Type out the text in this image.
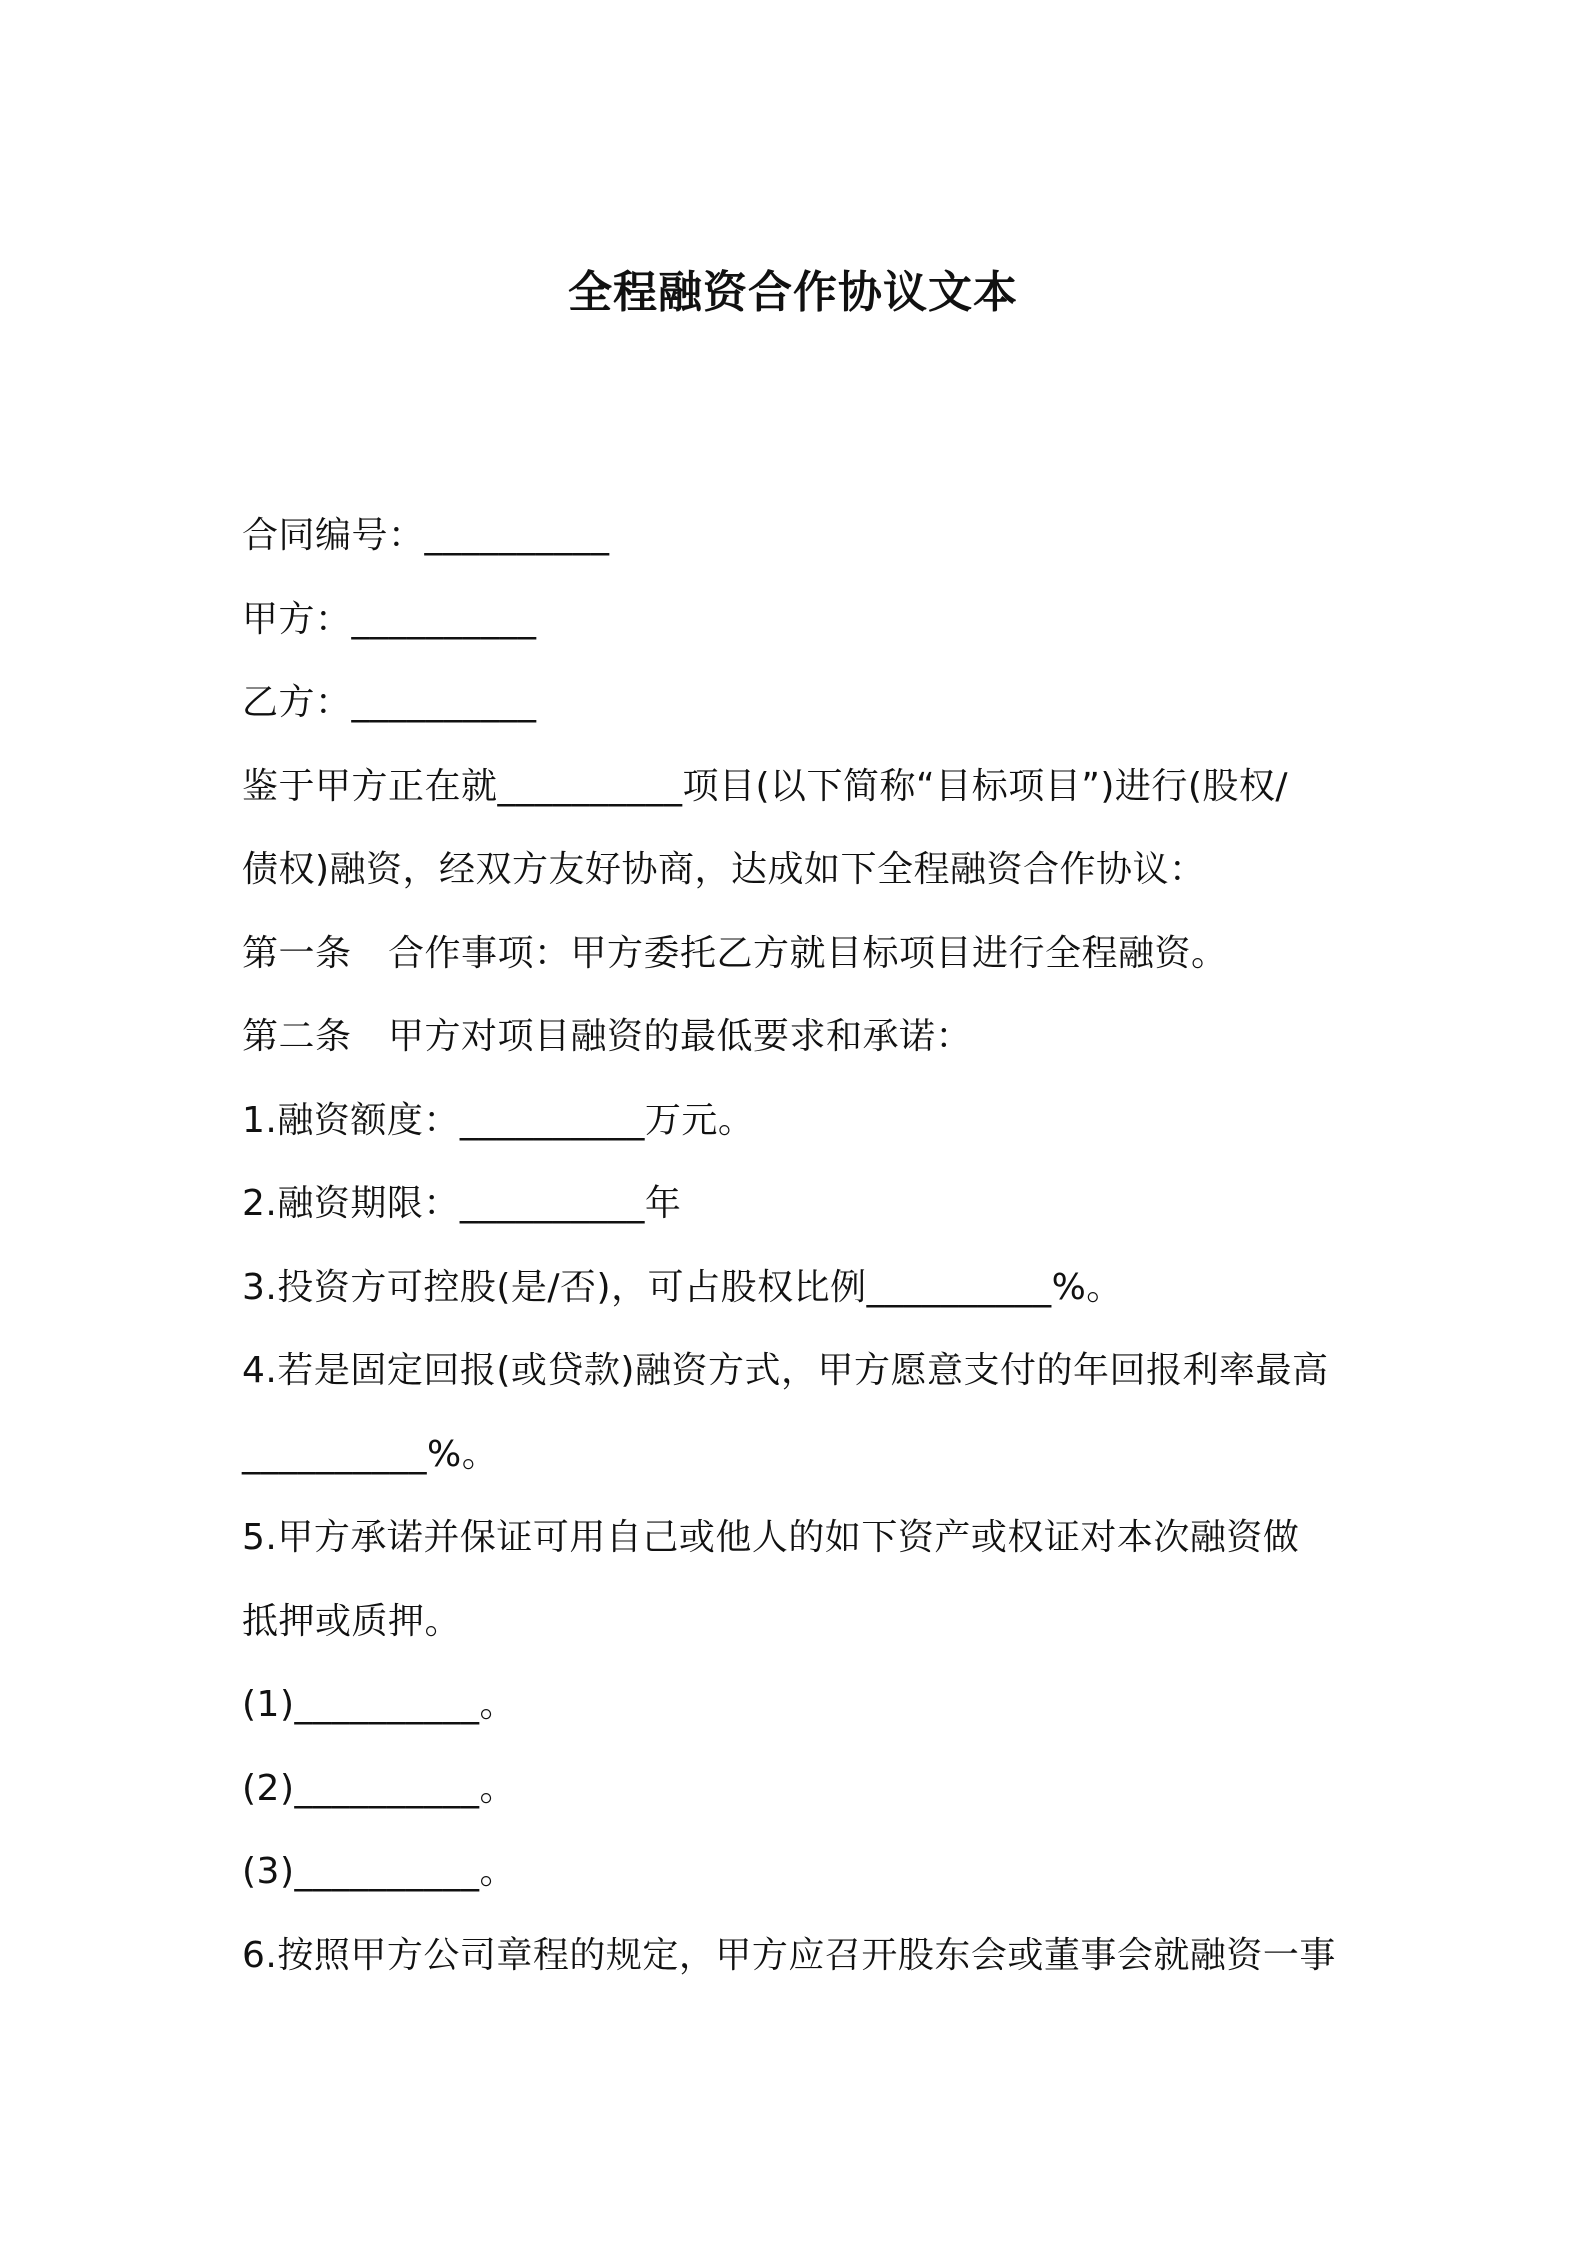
全程融资合作协议文本
合同编号：__________
甲方：__________
乙方：__________
鉴于甲方正在就__________项目(以下简称“目标项目”)进行(股权/
债权)融资，经双方友好协商，达成如下全程融资合作协议：
第一条　合作事项：甲方委托乙方就目标项目进行全程融资。
第二条　甲方对项目融资的最低要求和承诺：
1.融资额度：__________万元。
2.融资期限：__________年
3.投资方可控股(是/否)，可占股权比例__________%。
4.若是固定回报(或贷款)融资方式，甲方愿意支付的年回报利率最高
__________%。
5.甲方承诺并保证可用自己或他人的如下资产或权证对本次融资做
抵押或质押。
(1)__________。
(2)__________。
(3)__________。
6.按照甲方公司章程的规定，甲方应召开股东会或董事会就融资一事
